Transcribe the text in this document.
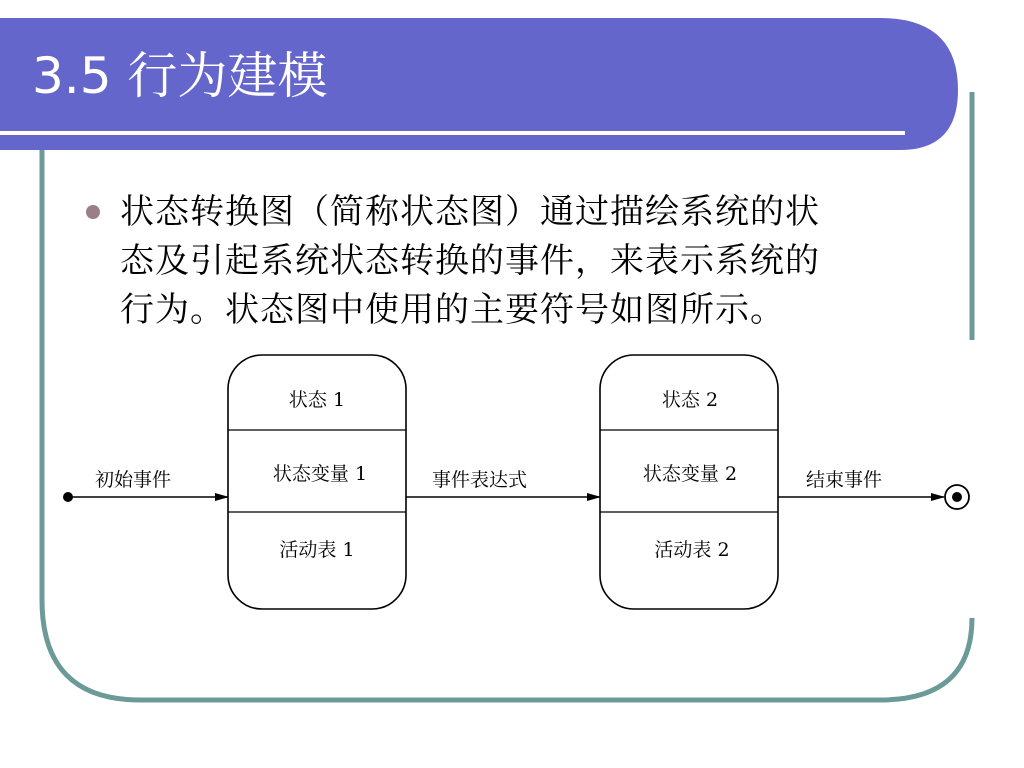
3.5 行为建模
状态转换图（简称状态图）通过描绘系统的状
态及引起系统状态转换的事件，来表示系统的
行为。状态图中使用的主要符号如图所示。
初始事件
状态 1
状态变量 1
活动表 1
事件表达式
状态 2
状态变量 2
活动表 2
结束事件
